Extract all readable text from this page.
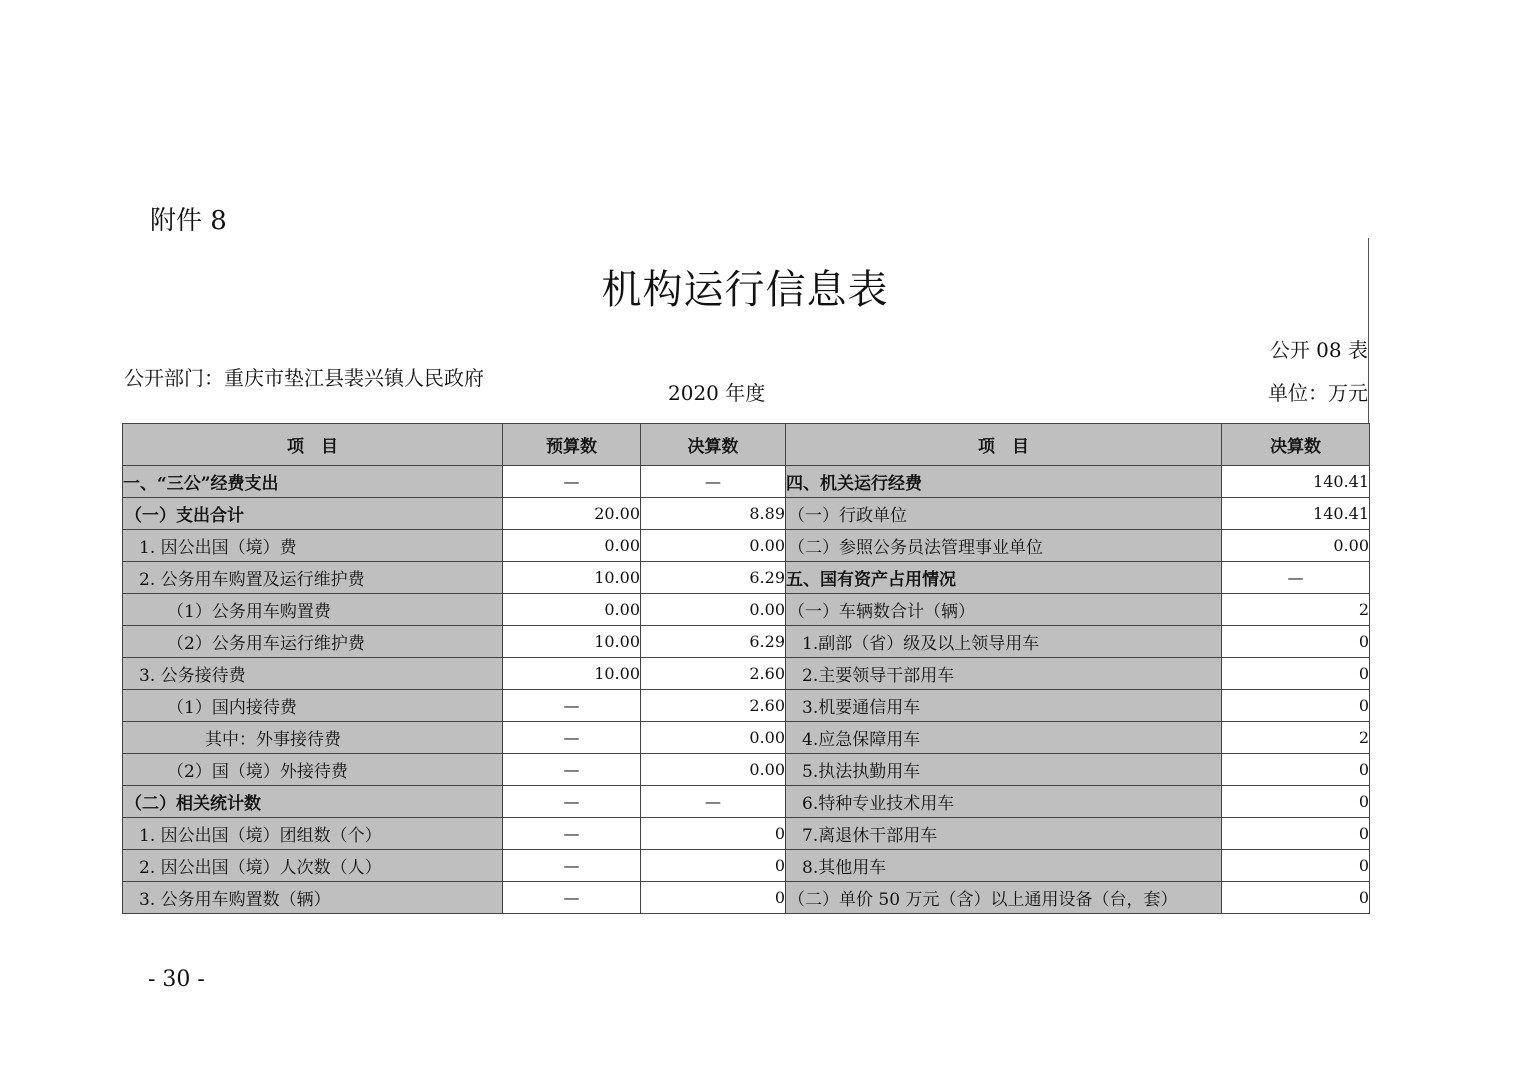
附件 8
机构运行信息表
公开 08 表
公开部门：重庆市垫江县裴兴镇人民政府
2020 年度	单位：万元
项　目	预算数	决算数	项　目	决算数
一、“三公”经费支出	—	—	四、机关运行经费	140.41
（一）支出合计	20.00	8.89	（一）行政单位	140.41
1. 因公出国（境）费	0.00	0.00	（二）参照公务员法管理事业单位	0.00
2. 公务用车购置及运行维护费	10.00	6.29	五、国有资产占用情况	—
（1）公务用车购置费	0.00	0.00	（一）车辆数合计（辆）	2
（2）公务用车运行维护费	10.00	6.29	1.副部（省）级及以上领导用车	0
3. 公务接待费	10.00	2.60	2.主要领导干部用车	0
（1）国内接待费	—	2.60	3.机要通信用车	0
其中：外事接待费	—	0.00	4.应急保障用车	2
（2）国（境）外接待费	—	0.00	5.执法执勤用车	0
（二）相关统计数	—	—	6.特种专业技术用车	0
1. 因公出国（境）团组数（个）	—	0	7.离退休干部用车	0
2. 因公出国（境）人次数（人）	—	0	8.其他用车	0
3. 公务用车购置数（辆）	—	0	（二）单价 50 万元（含）以上通用设备（台，套）	0
- 30 -
